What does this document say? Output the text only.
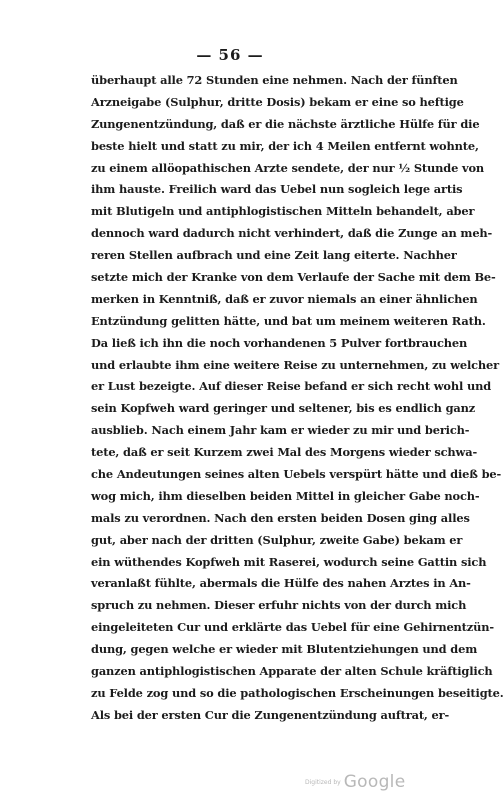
— 56 —
überhaupt alle 72 Stunden eine nehmen. Nach der fünften
Arzneigabe (Sulphur, dritte Dosis) bekam er eine so heftige
Zungenentzündung, daß er die nächste ärztliche Hülfe für die
beste hielt und statt zu mir, der ich 4 Meilen entfernt wohnte,
zu einem allöopathischen Arzte sendete, der nur ½ Stunde von
ihm hauste. Freilich ward das Uebel nun sogleich lege artis
mit Blutigeln und antiphlogistischen Mitteln behandelt, aber
dennoch ward dadurch nicht verhindert, daß die Zunge an meh-
reren Stellen aufbrach und eine Zeit lang eiterte. Nachher
setzte mich der Kranke von dem Verlaufe der Sache mit dem Be-
merken in Kenntniß, daß er zuvor niemals an einer ähnlichen
Entzündung gelitten hätte, und bat um meinem weiteren Rath.
Da ließ ich ihn die noch vorhandenen 5 Pulver fortbrauchen
und erlaubte ihm eine weitere Reise zu unternehmen, zu welcher
er Lust bezeigte. Auf dieser Reise befand er sich recht wohl und
sein Kopfweh ward geringer und seltener, bis es endlich ganz
ausblieb. Nach einem Jahr kam er wieder zu mir und berich-
tete, daß er seit Kurzem zwei Mal des Morgens wieder schwa-
che Andeutungen seines alten Uebels verspürt hätte und dieß be-
wog mich, ihm dieselben beiden Mittel in gleicher Gabe noch-
mals zu verordnen. Nach den ersten beiden Dosen ging alles
gut, aber nach der dritten (Sulphur, zweite Gabe) bekam er
ein wüthendes Kopfweh mit Raserei, wodurch seine Gattin sich
veranlaßt fühlte, abermals die Hülfe des nahen Arztes in An-
spruch zu nehmen. Dieser erfuhr nichts von der durch mich
eingeleiteten Cur und erklärte das Uebel für eine Gehirnentzün-
dung, gegen welche er wieder mit Blutentziehungen und dem
ganzen antiphlogistischen Apparate der alten Schule kräftiglich
zu Felde zog und so die pathologischen Erscheinungen beseitigte.
Als bei der ersten Cur die Zungenentzündung auftrat, er-
Digitized by Google
